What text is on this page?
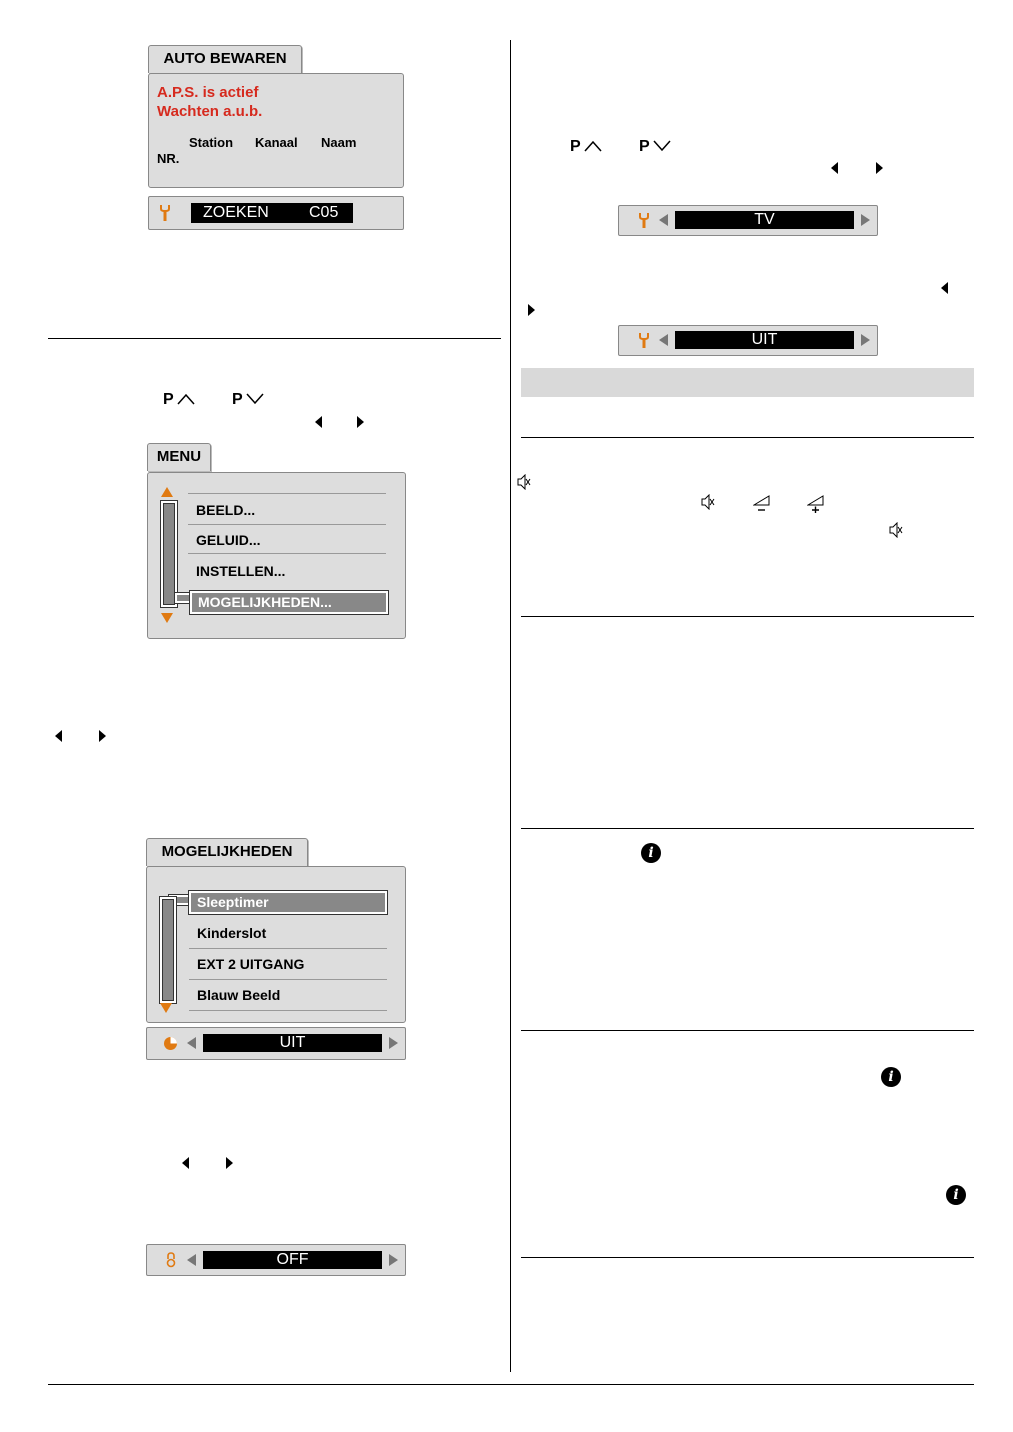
AUTO BEWAREN
A.P.S. is actief
Wachten a.u.b.
Station Kanaal Naam
NR.
ZOEKEN	C05
P	P
MENU
BEELD...
GELUID...
INSTELLEN...
MOGELIJKHEDEN...
MOGELIJKHEDEN
Sleeptimer
Kinderslot
EXT 2 UITGANG
Blauw Beeld
UIT
OFF
P	P
TV
UIT
i
i
i
